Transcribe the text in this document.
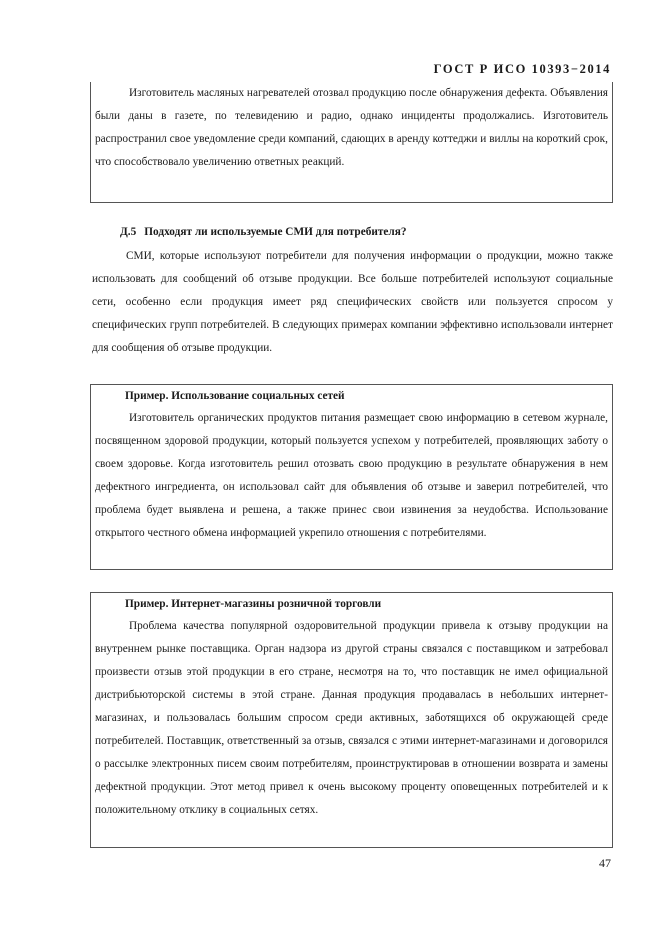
ГОСТ Р ИСО 10393−2014

Изготовитель масляных нагревателей отозвал продукцию после обнаружения дефекта. Объявления были даны в газете, по телевидению и радио, однако инциденты продолжались. Изготовитель распространил свое уведомление среди компаний, сдающих в аренду коттеджи и виллы на короткий срок, что способствовало увеличению ответных реакций.

Д.5 Подходят ли используемые СМИ для потребителя?

СМИ, которые используют потребители для получения информации о продукции, можно также использовать для сообщений об отзыве продукции. Все больше потребителей используют социальные сети, особенно если продукция имеет ряд специфических свойств или пользуется спросом у специфических групп потребителей. В следующих примерах компании эффективно использовали интернет для сообщения об отзыве продукции.

Пример. Использование социальных сетей

Изготовитель органических продуктов питания размещает свою информацию в сетевом журнале, посвященном здоровой продукции, который пользуется успехом у потребителей, проявляющих заботу о своем здоровье. Когда изготовитель решил отозвать свою продукцию в результате обнаружения в нем дефектного ингредиента, он использовал сайт для объявления об отзыве и заверил потребителей, что проблема будет выявлена и решена, а также принес свои извинения за неудобства. Использование открытого честного обмена информацией укрепило отношения с потребителями.

Пример. Интернет-магазины розничной торговли

Проблема качества популярной оздоровительной продукции привела к отзыву продукции на внутреннем рынке поставщика. Орган надзора из другой страны связался с поставщиком и затребовал произвести отзыв этой продукции в его стране, несмотря на то, что поставщик не имел официальной дистрибьюторской системы в этой стране. Данная продукция продавалась в небольших интернет-магазинах, и пользовалась большим спросом среди активных, заботящихся об окружающей среде потребителей. Поставщик, ответственный за отзыв, связался с этими интернет-магазинами и договорился о рассылке электронных писем своим потребителям, проинструктировав в отношении возврата и замены дефектной продукции. Этот метод привел к очень высокому проценту оповещенных потребителей и к положительному отклику в социальных сетях.

47
